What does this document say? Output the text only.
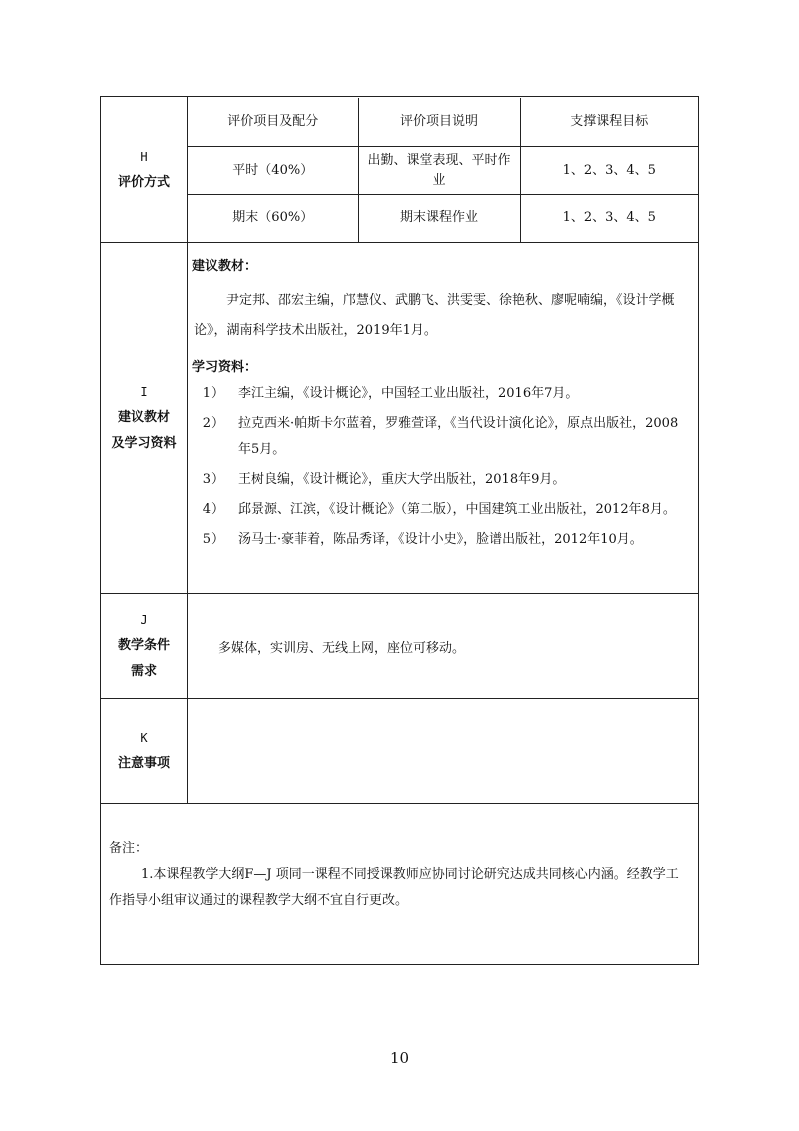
H
评价方式

评价项目及配分	评价项目说明	支撑课程目标
平时（40%）	出勤、课堂表现、平时作业	1、2、3、4、5
期末（60%）	期末课程作业	1、2、3、4、5

I
建议教材
及学习资料

建议教材：
尹定邦、邵宏主编，邝慧仪、武鹏飞、洪雯雯、徐艳秋、廖呢喃编，《设计学概论》，湖南科学技术出版社，2019年1月。
学习资料：
1）	李江主编，《设计概论》，中国轻工业出版社，2016年7月。
2）	拉克西米·帕斯卡尔蓝着，罗雅萱译，《当代设计演化论》，原点出版社，2008年5月。
3）	王树良编，《设计概论》，重庆大学出版社，2018年9月。
4）	邱景源、江滨，《设计概论》（第二版），中国建筑工业出版社，2012年8月。
5）	汤马士·豪菲着，陈品秀译，《设计小史》，脸谱出版社，2012年10月。

J
教学条件
需求
	多媒体，实训房、无线上网，座位可移动。

K
注意事项

备注：
1.本课程教学大纲F—J 项同一课程不同授课教师应协同讨论研究达成共同核心内涵。经教学工作指导小组审议通过的课程教学大纲不宜自行更改。
10
